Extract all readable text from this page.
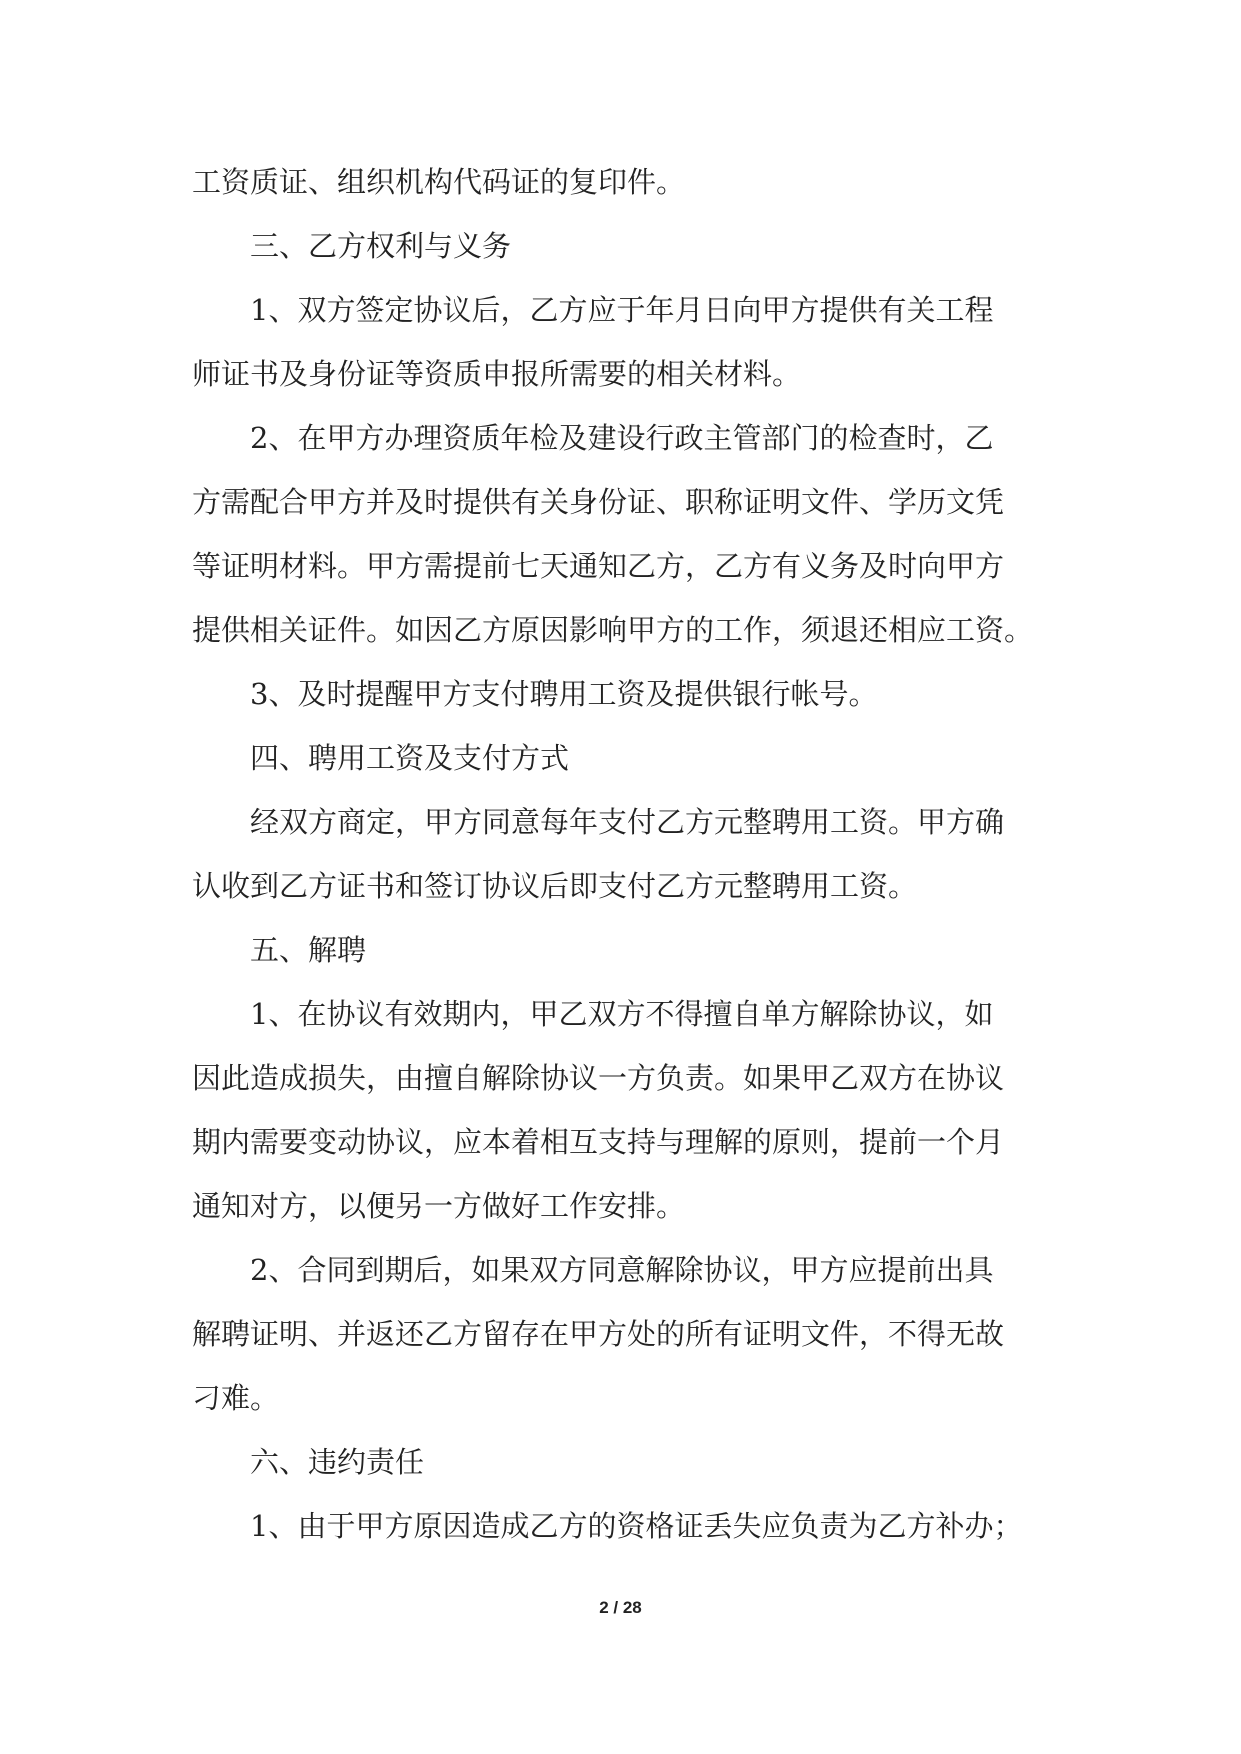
工资质证、组织机构代码证的复印件。
三、乙方权利与义务
1、双方签定协议后，乙方应于年月日向甲方提供有关工程
师证书及身份证等资质申报所需要的相关材料。
2、在甲方办理资质年检及建设行政主管部门的检查时，乙
方需配合甲方并及时提供有关身份证、职称证明文件、学历文凭
等证明材料。甲方需提前七天通知乙方，乙方有义务及时向甲方
提供相关证件。如因乙方原因影响甲方的工作，须退还相应工资。
3、及时提醒甲方支付聘用工资及提供银行帐号。
四、聘用工资及支付方式
经双方商定，甲方同意每年支付乙方元整聘用工资。甲方确
认收到乙方证书和签订协议后即支付乙方元整聘用工资。
五、解聘
1、在协议有效期内，甲乙双方不得擅自单方解除协议，如
因此造成损失，由擅自解除协议一方负责。如果甲乙双方在协议
期内需要变动协议，应本着相互支持与理解的原则，提前一个月
通知对方，以便另一方做好工作安排。
2、合同到期后，如果双方同意解除协议，甲方应提前出具
解聘证明、并返还乙方留存在甲方处的所有证明文件，不得无故
刁难。
六、违约责任
1、由于甲方原因造成乙方的资格证丢失应负责为乙方补办；
2 / 28
